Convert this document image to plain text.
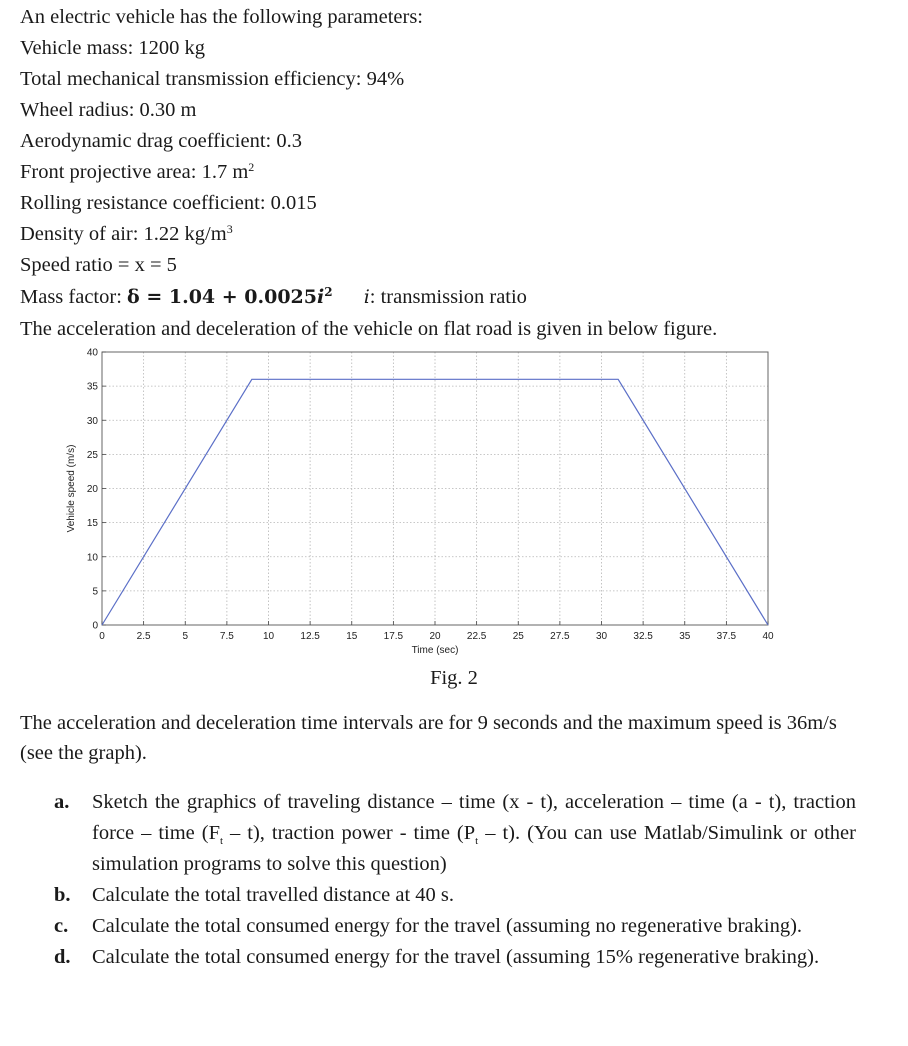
An electric vehicle has the following parameters:
Vehicle mass: 1200 kg
Total mechanical transmission efficiency: 94%
Wheel radius: 0.30 m
Aerodynamic drag coefficient: 0.3
Front projective area: 1.7 $m^2$
Rolling resistance coefficient: 0.015
Density of air: 1.22 $kg/m^3$
Speed ratio = x = 5
Mass factor: $\delta = 1.04 + 0.0025i^2$ i: transmission ratio
The acceleration and deceleration of the vehicle on flat road is given in below figure.
0	2.5	5	7.5	10	12.5	15	17.5	20	22.5	25	27.5	30	32.5	35	37.5	40
0
5
10
15
20
25
30
35
40
Time (sec)
Vehicle speed (m/s)
Fig. 2
The acceleration and deceleration time intervals are for 9 seconds and the maximum speed is 36m/s (see the graph).
a. Sketch the graphics of traveling distance – time (x - t), acceleration – time (a - t), traction force – time $(F_t - t)$, traction power - time $(P_t - t)$. (You can use Matlab/Simulink or other simulation programs to solve this question)
b. Calculate the total travelled distance at 40 s.
c. Calculate the total consumed energy for the travel (assuming no regenerative braking).
d. Calculate the total consumed energy for the travel (assuming 15% regenerative braking).
